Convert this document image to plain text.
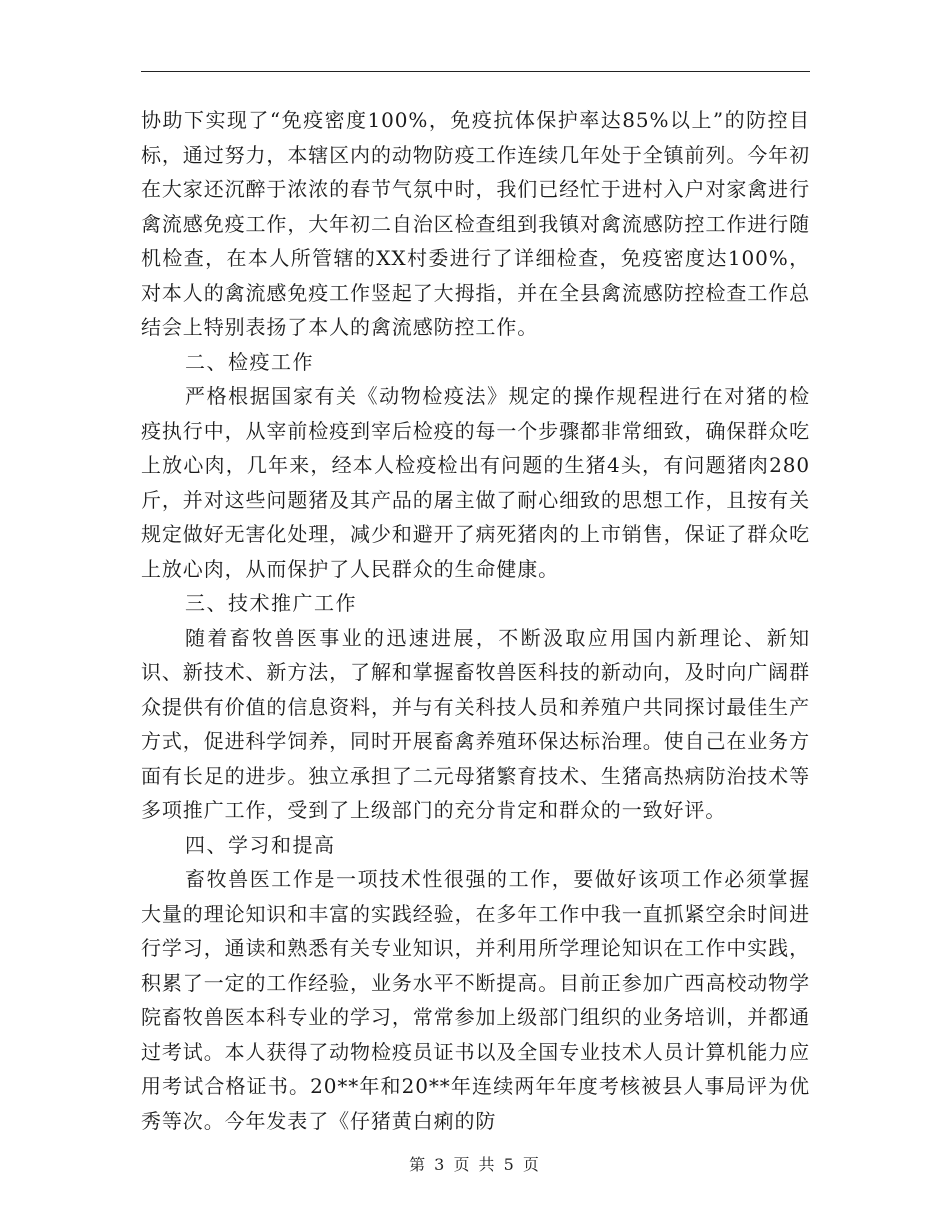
协助下实现了“免疫密度100%，免疫抗体保护率达85%以上”的防控目标，通过努力，本辖区内的动物防疫工作连续几年处于全镇前列。今年初在大家还沉醉于浓浓的春节气氛中时，我们已经忙于进村入户对家禽进行禽流感免疫工作，大年初二自治区检查组到我镇对禽流感防控工作进行随机检查，在本人所管辖的XX村委进行了详细检查，免疫密度达100%，对本人的禽流感免疫工作竖起了大拇指，并在全县禽流感防控检查工作总结会上特别表扬了本人的禽流感防控工作。

二、检疫工作

严格根据国家有关《动物检疫法》规定的操作规程进行在对猪的检疫执行中，从宰前检疫到宰后检疫的每一个步骤都非常细致，确保群众吃上放心肉，几年来，经本人检疫检出有问题的生猪4头，有问题猪肉280斤，并对这些问题猪及其产品的屠主做了耐心细致的思想工作，且按有关规定做好无害化处理，减少和避开了病死猪肉的上市销售，保证了群众吃上放心肉，从而保护了人民群众的生命健康。

三、技术推广工作

随着畜牧兽医事业的迅速进展，不断汲取应用国内新理论、新知识、新技术、新方法，了解和掌握畜牧兽医科技的新动向，及时向广阔群众提供有价值的信息资料，并与有关科技人员和养殖户共同探讨最佳生产方式，促进科学饲养，同时开展畜禽养殖环保达标治理。使自己在业务方面有长足的进步。独立承担了二元母猪繁育技术、生猪高热病防治技术等多项推广工作，受到了上级部门的充分肯定和群众的一致好评。

四、学习和提高

畜牧兽医工作是一项技术性很强的工作，要做好该项工作必须掌握大量的理论知识和丰富的实践经验，在多年工作中我一直抓紧空余时间进行学习，通读和熟悉有关专业知识，并利用所学理论知识在工作中实践，积累了一定的工作经验，业务水平不断提高。目前正参加广西高校动物学院畜牧兽医本科专业的学习，常常参加上级部门组织的业务培训，并都通过考试。本人获得了动物检疫员证书以及全国专业技术人员计算机能力应用考试合格证书。20**年和20**年连续两年年度考核被县人事局评为优秀等次。今年发表了《仔猪黄白痢的防

第 3 页 共 5 页
